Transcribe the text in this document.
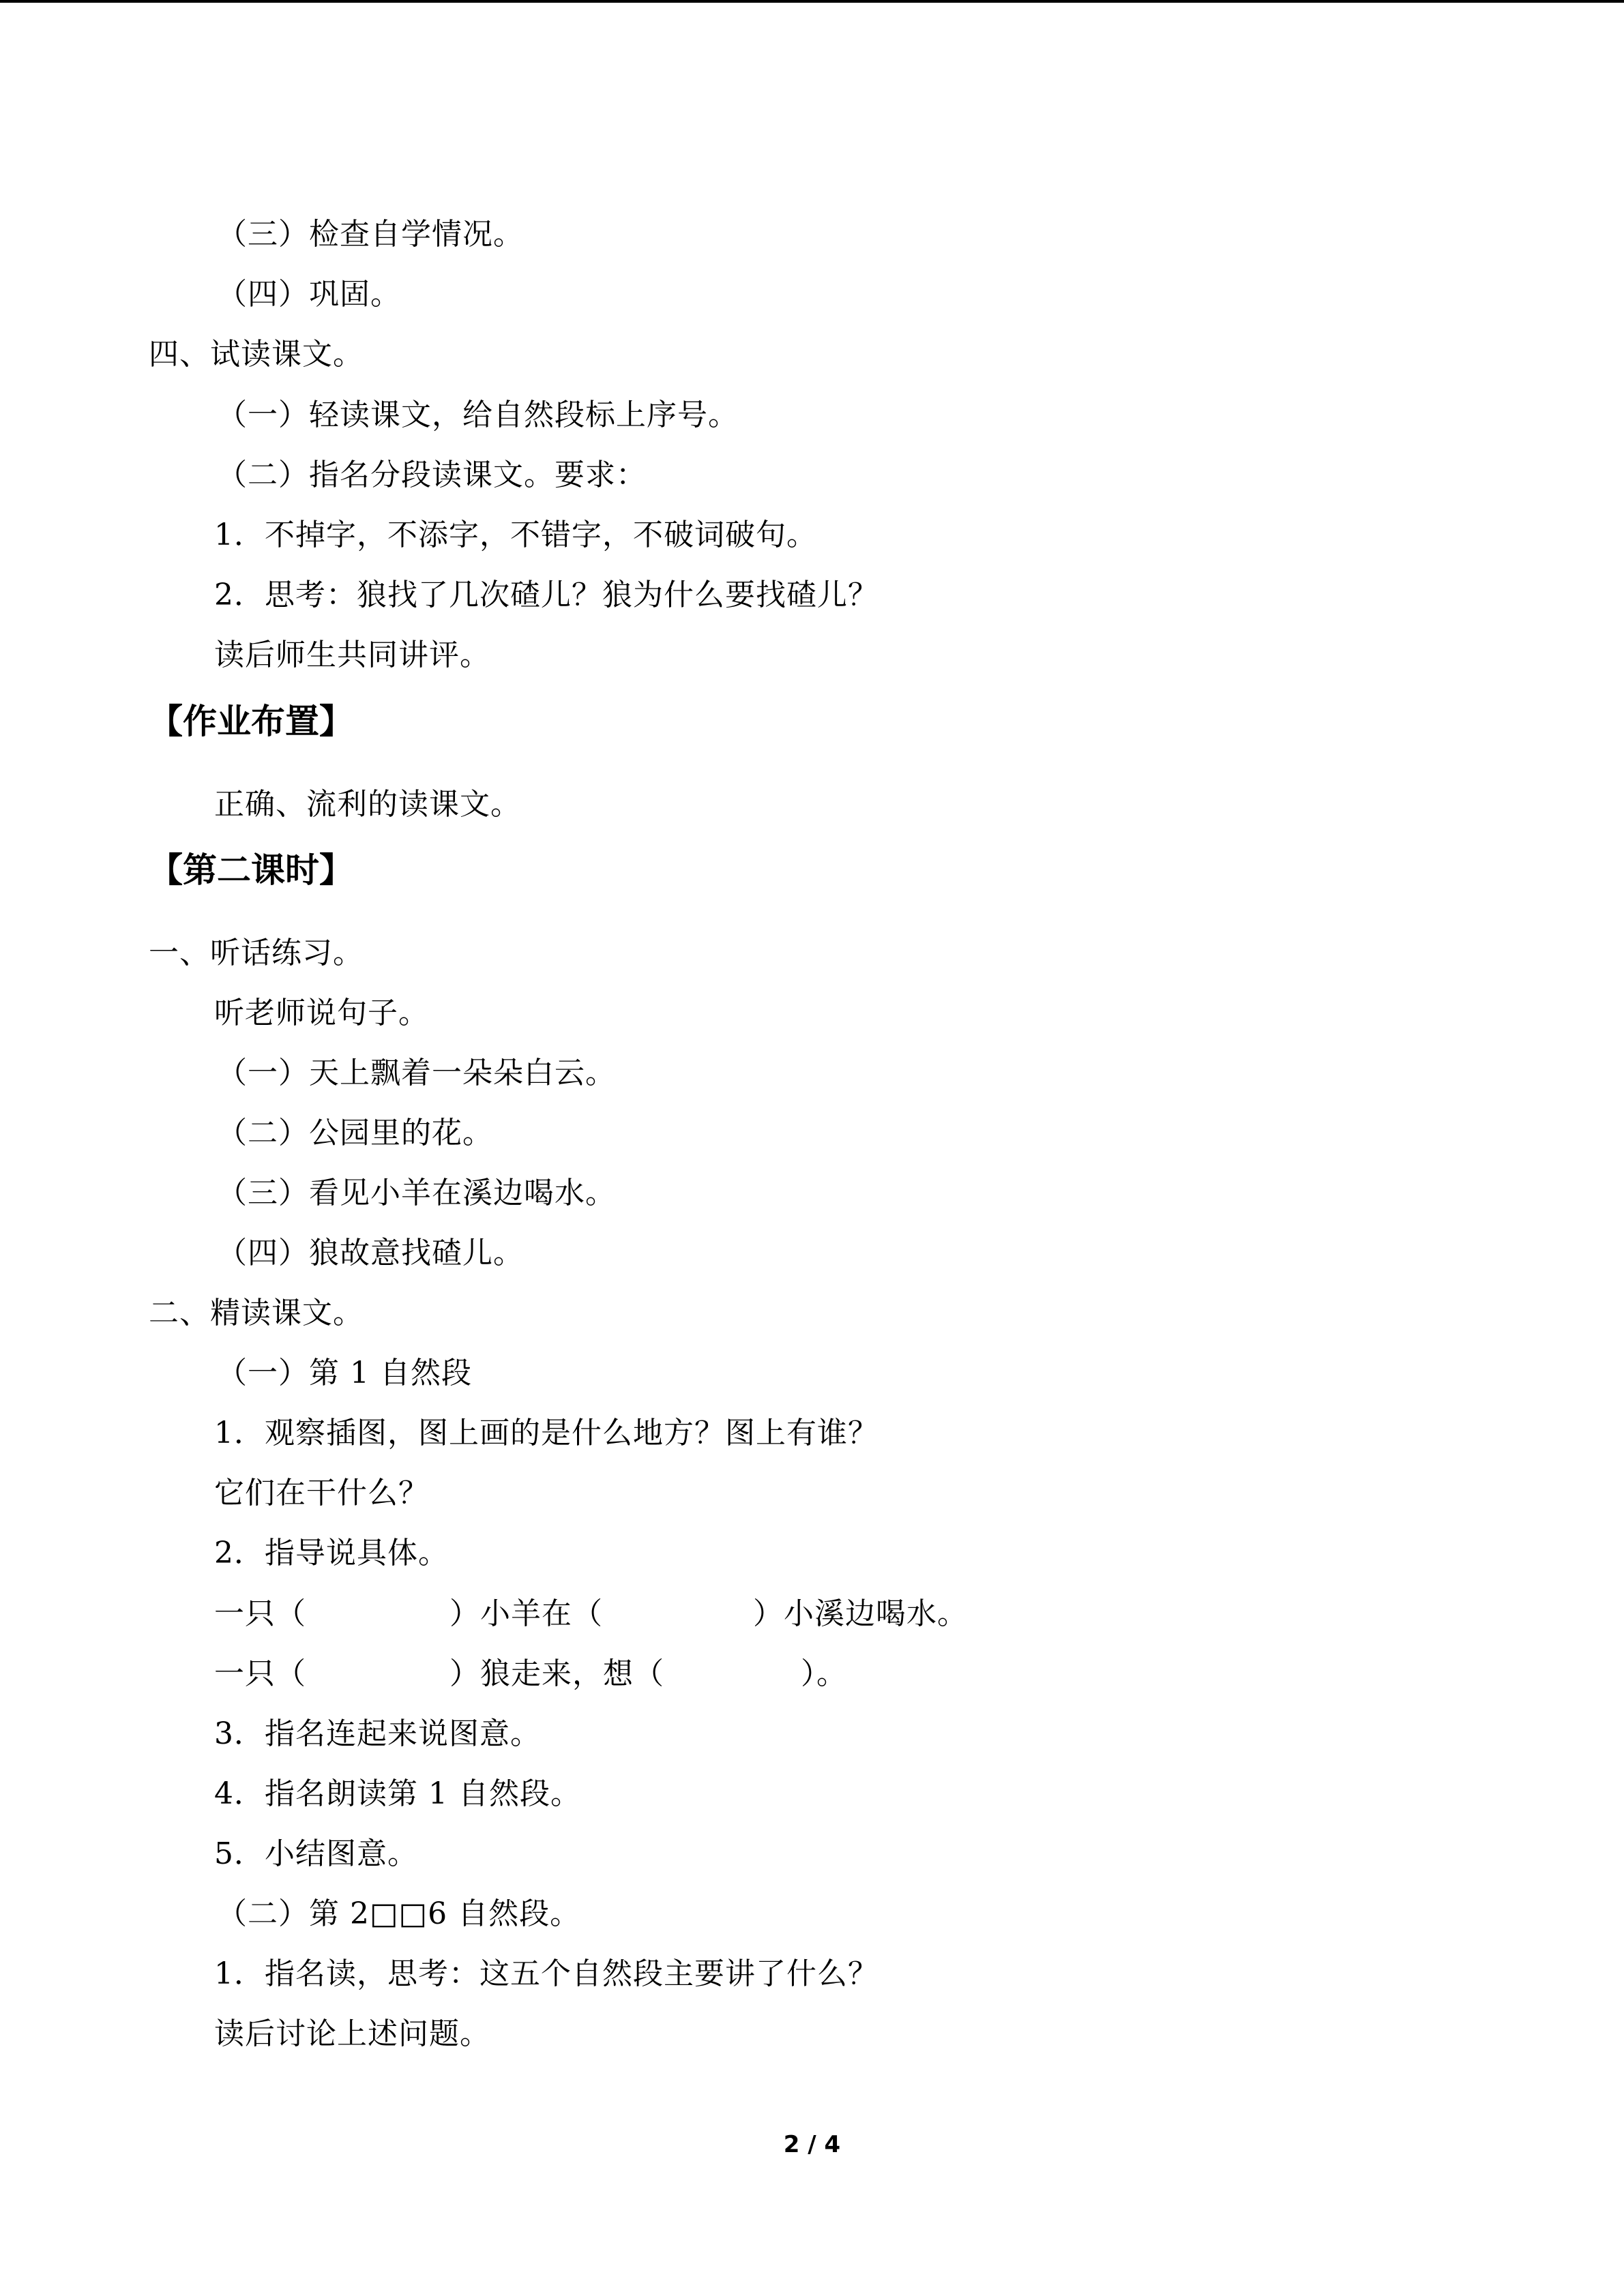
（三）检查自学情况。
（四）巩固。
四、试读课文。
（一）轻读课文，给自然段标上序号。
（二）指名分段读课文。要求：
1．不掉字，不添字，不错字，不破词破句。
2．思考：狼找了几次碴儿？狼为什么要找碴儿？
读后师生共同讲评。
【作业布置】
正确、流利的读课文。
【第二课时】
一、听话练习。
听老师说句子。
（一）天上飘着一朵朵白云。
（二）公园里的花。
（三）看见小羊在溪边喝水。
（四）狼故意找碴儿。
二、精读课文。
（一）第 1 自然段
1．观察插图，图上画的是什么地方？图上有谁？
它们在干什么？
2．指导说具体。
一只（	）小羊在（	）小溪边喝水。
一只（	）狼走来，想（	）。
3．指名连起来说图意。
4．指名朗读第 1 自然段。
5．小结图意。
（二）第 2□□6 自然段。
1．指名读，思考：这五个自然段主要讲了什么？
读后讨论上述问题。
2 / 4
